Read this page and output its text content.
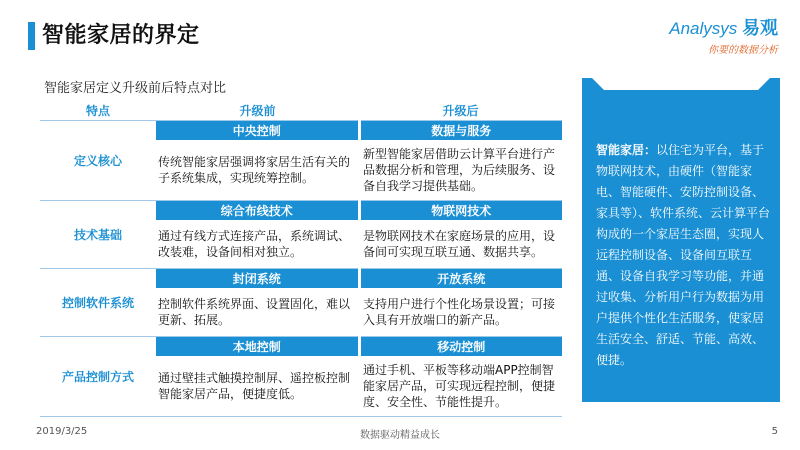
智能家居的界定	Analysys 易观
你要的数据分析
智能家居定义升级前后特点对比
特点	升级前	升级后
定义核心	中央控制	数据与服务
	传统智能家居强调将家居生活有关的子系统集成，实现统筹控制。	新型智能家居借助云计算平台进行产品数据分析和管理，为后续服务、设备自我学习提供基础。

技术基础	综合布线技术	物联网技术
	通过有线方式连接产品，系统调试、改装难，设备间相对独立。	是物联网技术在家庭场景的应用，设备间可实现互联互通、数据共享。

控制软件系统	封闭系统	开放系统
	控制软件系统界面、设置固化，难以更新、拓展。	支持用户进行个性化场景设置；可接入具有开放端口的新产品。

产品控制方式	本地控制	移动控制
	通过壁挂式触摸控制屏、遥控板控制智能家居产品，便捷度低。	通过手机、平板等移动端APP控制智能家居产品，可实现远程控制，便捷度、安全性、节能性提升。

智能家居：以住宅为平台，基于物联网技术，由硬件（智能家电、智能硬件、安防控制设备、家具等）、软件系统、云计算平台构成的一个家居生态圈，实现人远程控制设备、设备间互联互通、设备自我学习等功能，并通过收集、分析用户行为数据为用户提供个性化生活服务，使家居生活安全、舒适、节能、高效、便捷。
2019/3/25	数据驱动精益成长	5
